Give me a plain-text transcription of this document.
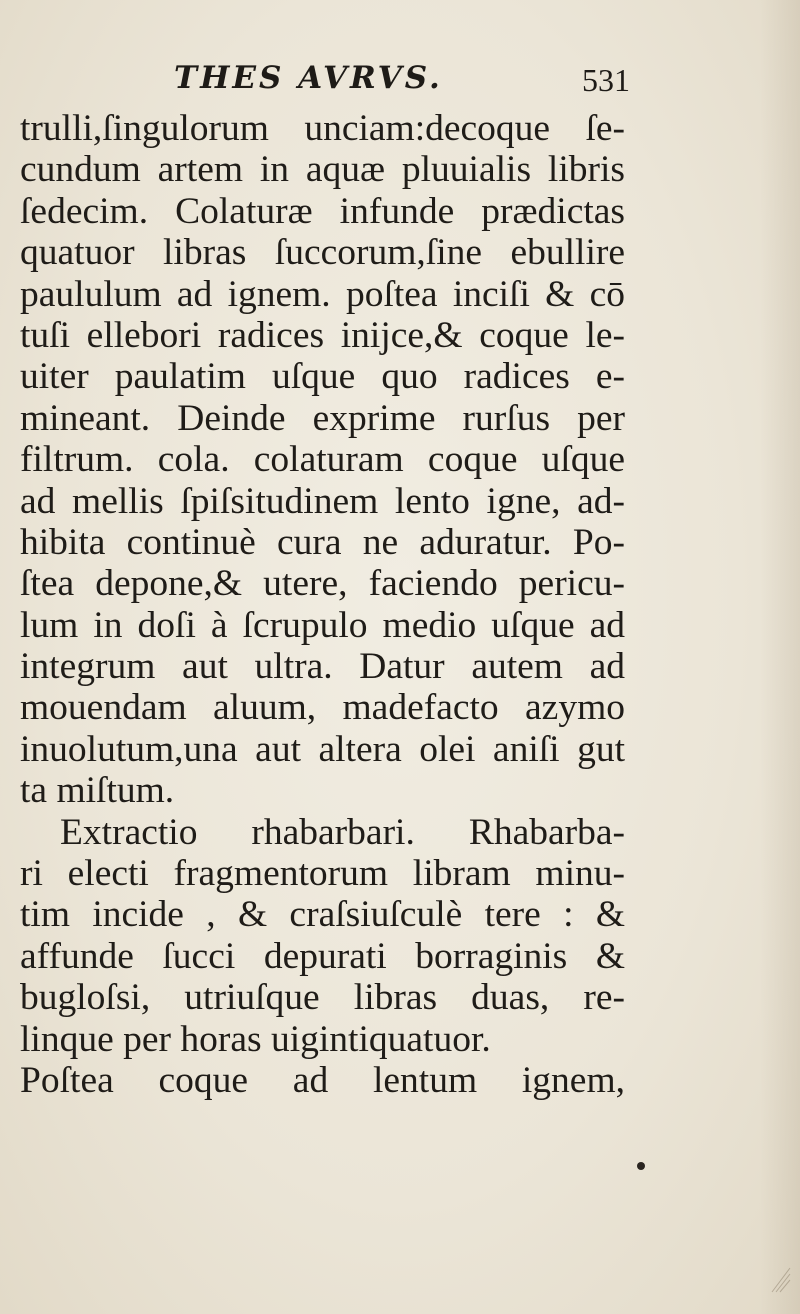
THES AVRVS.	531
trulli,ſingulorum unciam:decoque ſe-
cundum artem in aquæ pluuialis libris
ſedecim. Colaturæ infunde prædictas
quatuor libras ſuccorum,ſine ebullire
paululum ad ignem. poſtea inciſi & cō
tuſi ellebori radices inijce,& coque le-
uiter paulatim uſque quo radices e-
mineant. Deinde exprime rurſus per
filtrum. cola. colaturam coque uſque
ad mellis ſpiſsitudinem lento igne, ad-
hibita continuè cura ne aduratur. Po-
ſtea depone,& utere, faciendo pericu-
lum in doſi à ſcrupulo medio uſque ad
integrum aut ultra. Datur autem ad
mouendam aluum, madefacto azymo
inuolutum,una aut altera olei aniſi gut
ta miſtum.
Extractio rhabarbari. Rhabarba-
ri electi fragmentorum libram minu-
tim incide , & craſsiuſculè tere : &
affunde ſucci depurati borraginis &
bugloſsi, utriuſque libras duas, re-
linque per horas uigintiquatuor.
Poſtea coque ad lentum ignem,
